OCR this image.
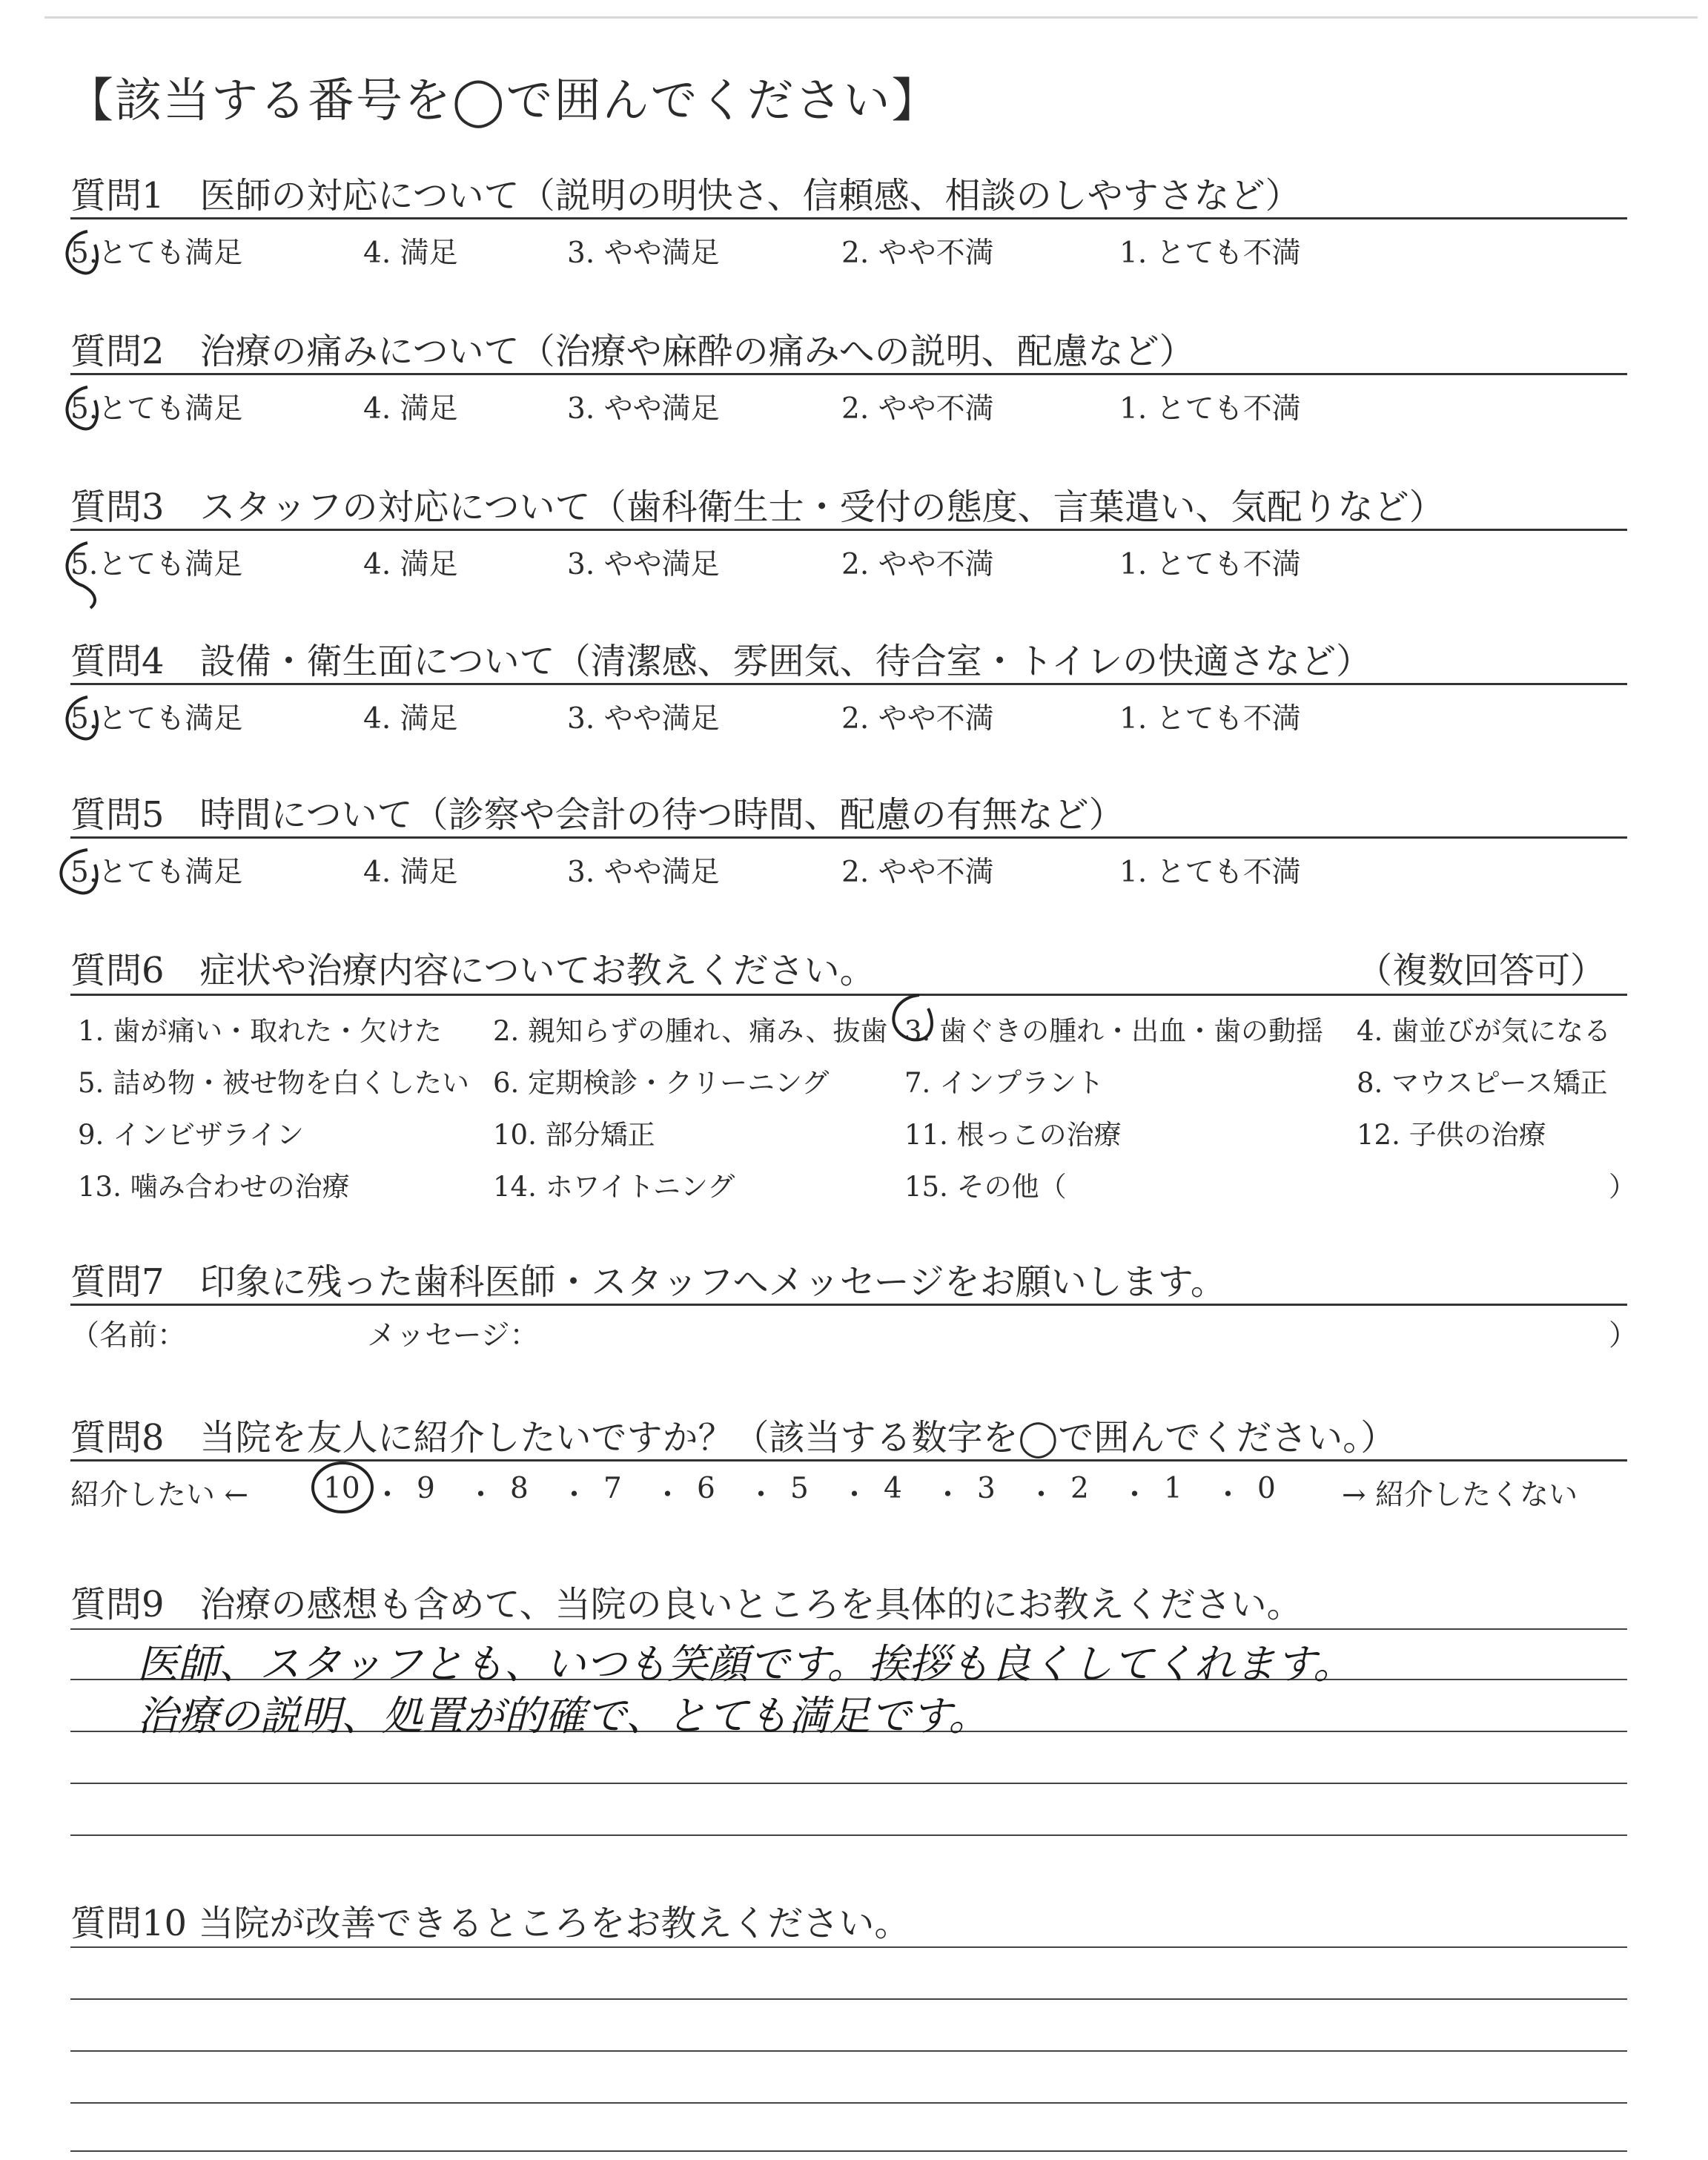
【該当する番号を◯で囲んでください】
質問1　医師の対応について（説明の明快さ、信頼感、相談のしやすさなど）
5.とても満足	4. 満足	3. やや満足	2. やや不満	1. とても不満
質問2　治療の痛みについて（治療や麻酔の痛みへの説明、配慮など）
5.とても満足	4. 満足	3. やや満足	2. やや不満	1. とても不満
質問3　スタッフの対応について（歯科衛生士・受付の態度、言葉遣い、気配りなど）
5.とても満足	4. 満足	3. やや満足	2. やや不満	1. とても不満
質問4　設備・衛生面について（清潔感、雰囲気、待合室・トイレの快適さなど）
5.とても満足	4. 満足	3. やや満足	2. やや不満	1. とても不満
質問5　時間について（診察や会計の待つ時間、配慮の有無など）
5.とても満足	4. 満足	3. やや満足	2. やや不満	1. とても不満
質問6　症状や治療内容についてお教えください。	（複数回答可）
1. 歯が痛い・取れた・欠けた 2. 親知らずの腫れ、痛み、抜歯 3. 歯ぐきの腫れ・出血・歯の動揺 4. 歯並びが気になる
5. 詰め物・被せ物を白くしたい 6. 定期検診・クリーニング	7. インプラント	8. マウスピース矯正
9. インビザライン	10. 部分矯正	11. 根っこの治療	12. 子供の治療
13. 噛み合わせの治療	14. ホワイトニング	15. その他（	）
質問7　印象に残った歯科医師・スタッフへメッセージをお願いします。
（名前：	メッセージ：	）
質問8　当院を友人に紹介したいですか？（該当する数字を◯で囲んでください。）
紹介したい ←	→ 紹介したくない
10 ・ 9 ・ 8 ・ 7 ・ 6 ・ 5 ・ 4 ・ 3 ・ 2 ・ 1 ・ 0
質問9　治療の感想も含めて、当院の良いところを具体的にお教えください。
医師、スタッフとも、いつも笑顔です。挨拶も良くしてくれます。
治療の説明、処置が的確で、とても満足です。
質問10 当院が改善できるところをお教えください。
